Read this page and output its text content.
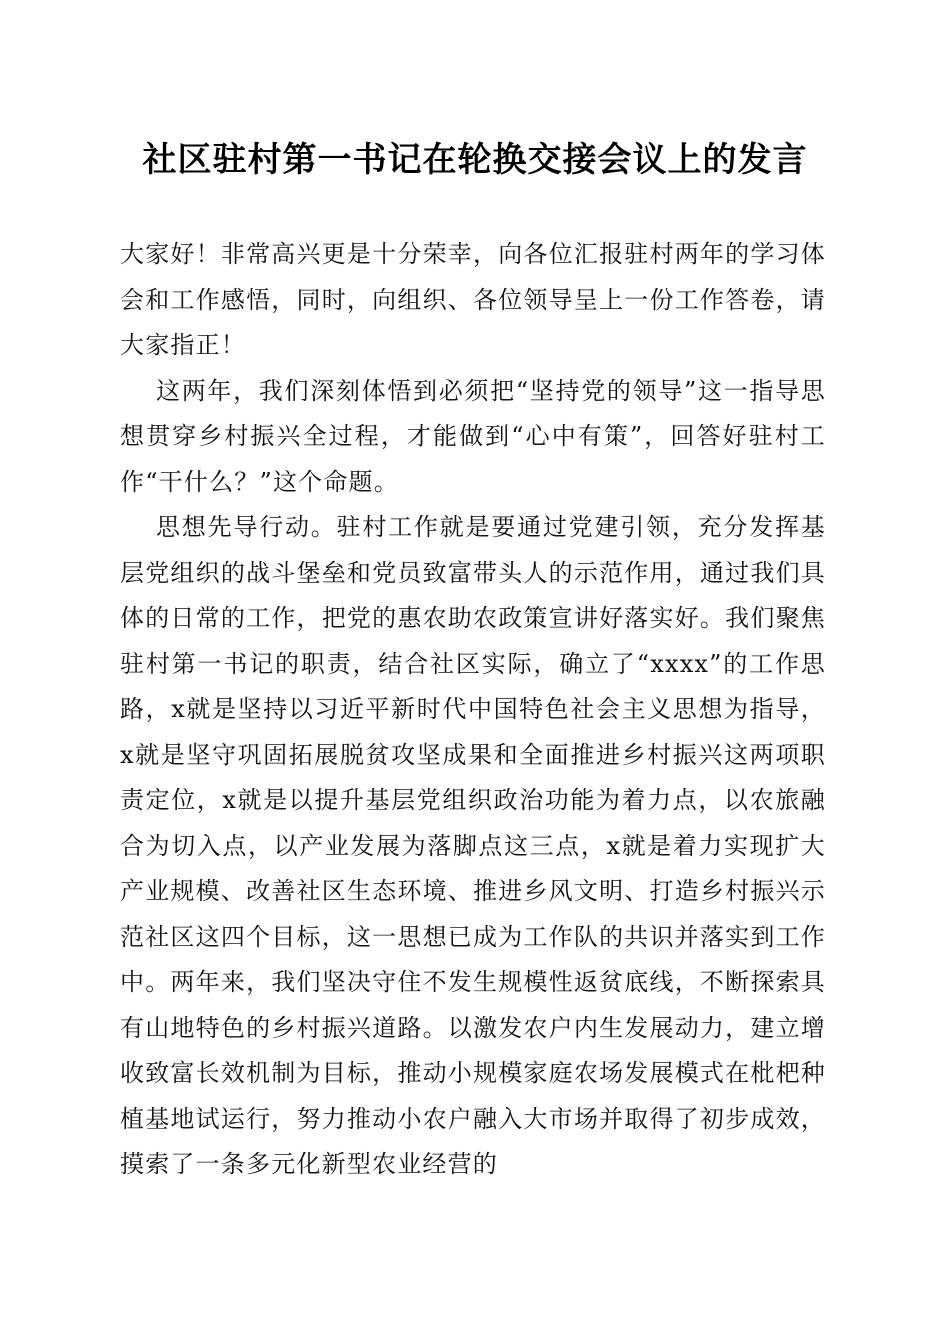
社区驻村第一书记在轮换交接会议上的发言

大家好！非常高兴更是十分荣幸，向各位汇报驻村两年的学习体会和工作感悟，同时，向组织、各位领导呈上一份工作答卷，请大家指正！

这两年，我们深刻体悟到必须把“坚持党的领导”这一指导思想贯穿乡村振兴全过程，才能做到“心中有策”，回答好驻村工作“干什么？”这个命题。

思想先导行动。驻村工作就是要通过党建引领，充分发挥基层党组织的战斗堡垒和党员致富带头人的示范作用，通过我们具体的日常的工作，把党的惠农助农政策宣讲好落实好。我们聚焦驻村第一书记的职责，结合社区实际，确立了“xxxx”的工作思路，x就是坚持以习近平新时代中国特色社会主义思想为指导，x就是坚守巩固拓展脱贫攻坚成果和全面推进乡村振兴这两项职责定位，x就是以提升基层党组织政治功能为着力点，以农旅融合为切入点，以产业发展为落脚点这三点，x就是着力实现扩大产业规模、改善社区生态环境、推进乡风文明、打造乡村振兴示范社区这四个目标，这一思想已成为工作队的共识并落实到工作中。两年来，我们坚决守住不发生规模性返贫底线，不断探索具有山地特色的乡村振兴道路。以激发农户内生发展动力，建立增收致富长效机制为目标，推动小规模家庭农场发展模式在枇杷种植基地试运行，努力推动小农户融入大市场并取得了初步成效，摸索了一条多元化新型农业经营的
